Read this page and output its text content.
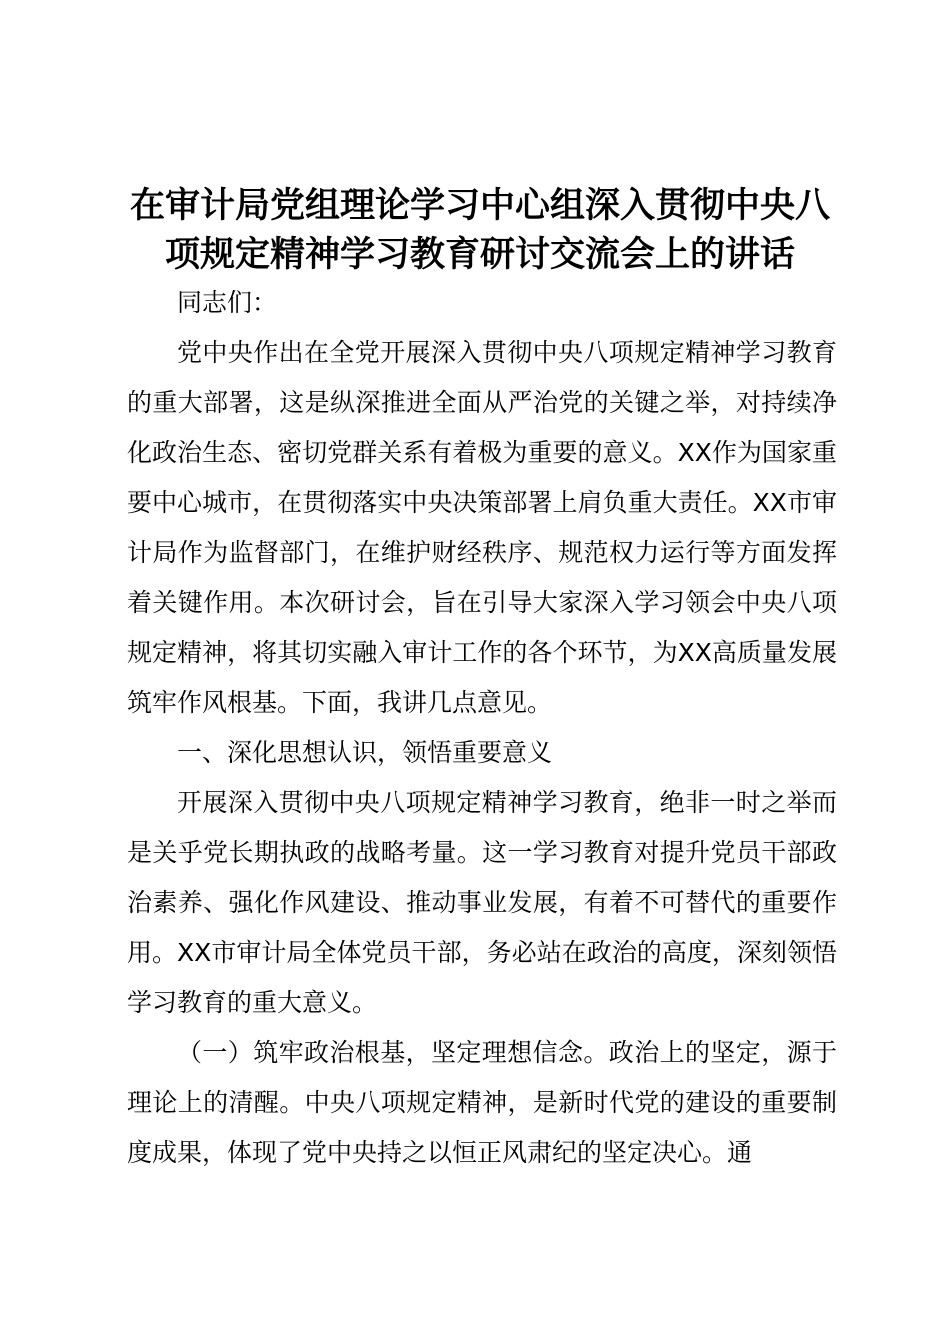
在审计局党组理论学习中心组深入贯彻中央八
项规定精神学习教育研讨交流会上的讲话

同志们：

党中央作出在全党开展深入贯彻中央八项规定精神学习教育的重大部署，这是纵深推进全面从严治党的关键之举，对持续净化政治生态、密切党群关系有着极为重要的意义。XX作为国家重要中心城市，在贯彻落实中央决策部署上肩负重大责任。XX市审计局作为监督部门，在维护财经秩序、规范权力运行等方面发挥着关键作用。本次研讨会，旨在引导大家深入学习领会中央八项规定精神，将其切实融入审计工作的各个环节，为XX高质量发展筑牢作风根基。下面，我讲几点意见。

一、深化思想认识，领悟重要意义

开展深入贯彻中央八项规定精神学习教育，绝非一时之举而是关乎党长期执政的战略考量。这一学习教育对提升党员干部政治素养、强化作风建设、推动事业发展，有着不可替代的重要作用。XX市审计局全体党员干部，务必站在政治的高度，深刻领悟学习教育的重大意义。

（一）筑牢政治根基，坚定理想信念。政治上的坚定，源于理论上的清醒。中央八项规定精神，是新时代党的建设的重要制度成果，体现了党中央持之以恒正风肃纪的坚定决心。通
